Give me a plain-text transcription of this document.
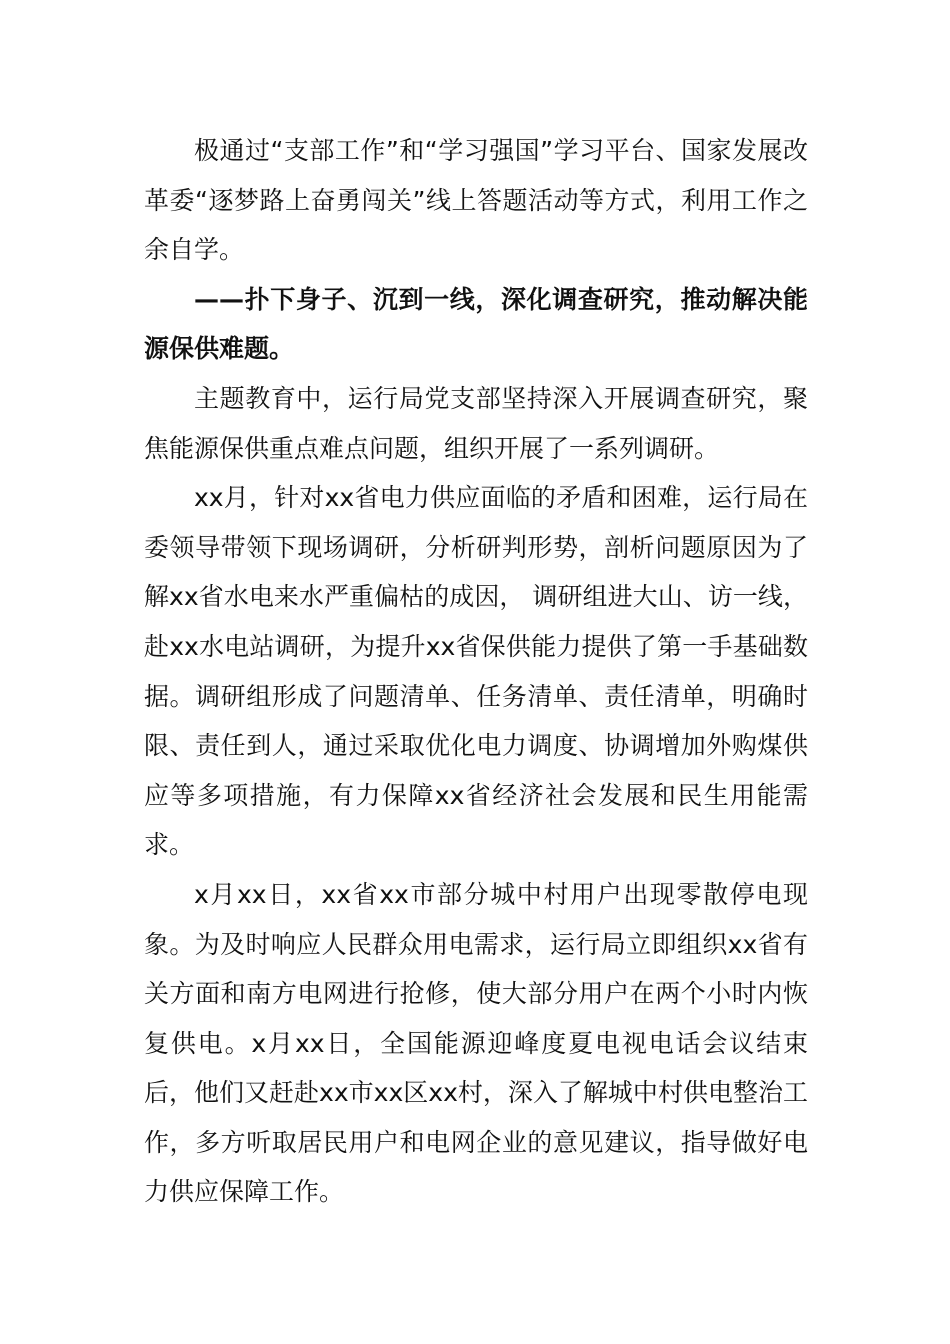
极通过“支部工作”和“学习强国”学习平台、国家发展改革委“逐梦路上奋勇闯关”线上答题活动等方式，利用工作之余自学。

——扑下身子、沉到一线，深化调查研究，推动解决能源保供难题。

主题教育中，运行局党支部坚持深入开展调查研究，聚焦能源保供重点难点问题，组织开展了一系列调研。

xx月，针对xx省电力供应面临的矛盾和困难，运行局在委领导带领下现场调研，分析研判形势，剖析问题原因为了解xx省水电来水严重偏枯的成因， 调研组进大山、访一线，赴xx水电站调研，为提升xx省保供能力提供了第一手基础数据。调研组形成了问题清单、任务清单、责任清单，明确时限、责任到人，通过采取优化电力调度、协调增加外购煤供应等多项措施，有力保障xx省经济社会发展和民生用能需求。

x月xx日，xx省xx市部分城中村用户出现零散停电现象。为及时响应人民群众用电需求，运行局立即组织xx省有关方面和南方电网进行抢修，使大部分用户在两个小时内恢复供电。x月xx日，全国能源迎峰度夏电视电话会议结束后，他们又赶赴xx市xx区xx村，深入了解城中村供电整治工作，多方听取居民用户和电网企业的意见建议，指导做好电力供应保障工作。
